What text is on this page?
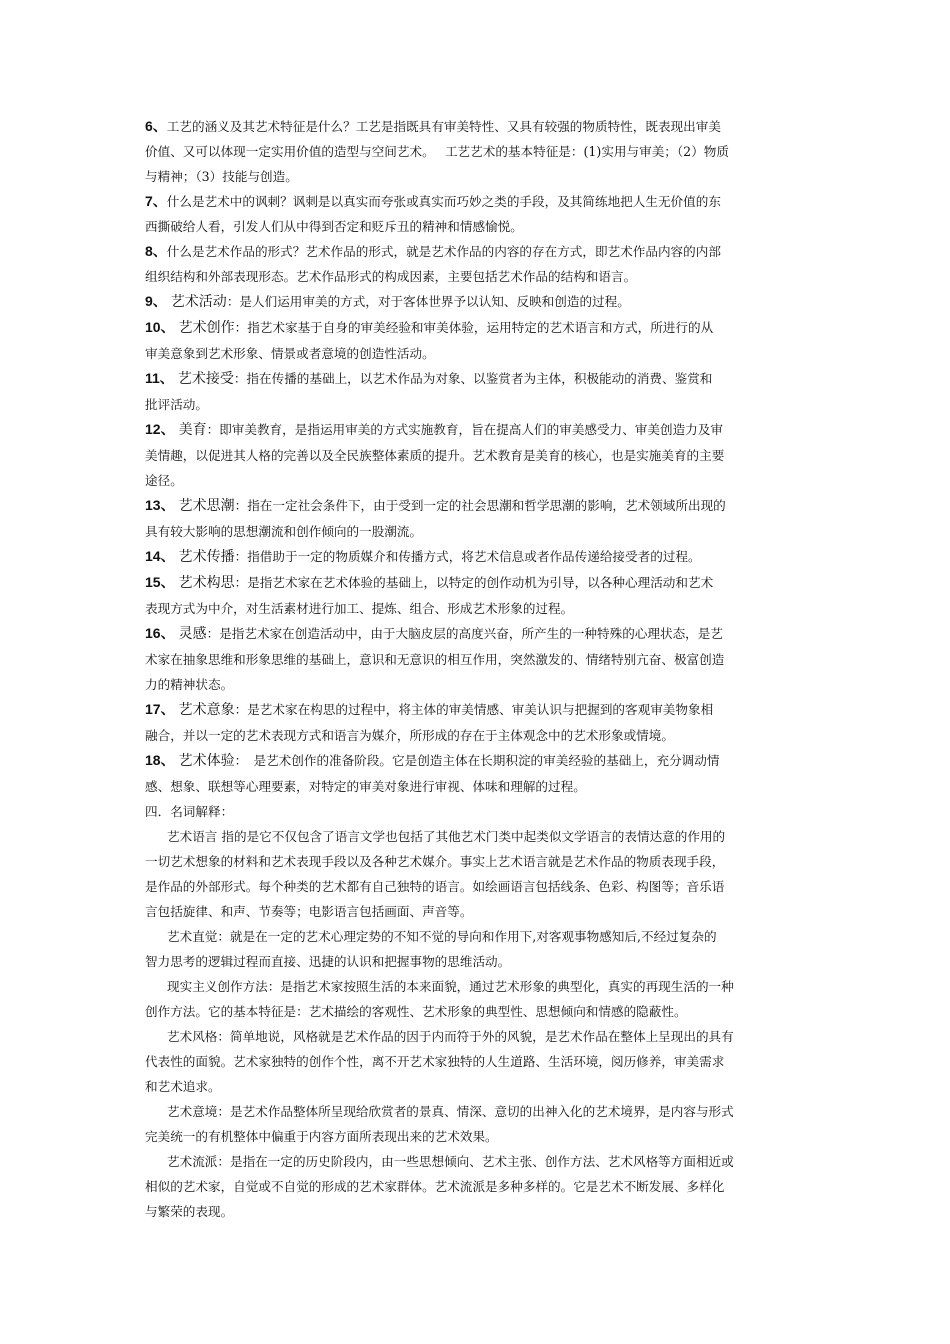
6、工艺的涵义及其艺术特征是什么？工艺是指既具有审美特性、又具有较强的物质特性，既表现出审美
价值、又可以体现一定实用价值的造型与空间艺术。　 工艺艺术的基本特征是：(1)实用与审美；（2）物质
与精神；（3）技能与创造。

7、什么是艺术中的讽刺？讽刺是以真实而夸张或真实而巧妙之类的手段，及其简练地把人生无价值的东
西撕破给人看，引发人们从中得到否定和贬斥丑的精神和情感愉悦。

8、什么是艺术作品的形式？艺术作品的形式，就是艺术作品的内容的存在方式，即艺术作品内容的内部
组织结构和外部表现形态。艺术作品形式的构成因素，主要包括艺术作品的结构和语言。

9、 艺术活动：是人们运用审美的方式，对于客体世界予以认知、反映和创造的过程。

10、 艺术创作：指艺术家基于自身的审美经验和审美体验，运用特定的艺术语言和方式，所进行的从
审美意象到艺术形象、情景或者意境的创造性活动。

11、 艺术接受：指在传播的基础上，以艺术作品为对象、以鉴赏者为主体，积极能动的消费、鉴赏和
批评活动。

12、 美育：即审美教育，是指运用审美的方式实施教育，旨在提高人们的审美感受力、审美创造力及审
美情趣，以促进其人格的完善以及全民族整体素质的提升。艺术教育是美育的核心，也是实施美育的主要
途径。

13、 艺术思潮：指在一定社会条件下，由于受到一定的社会思潮和哲学思潮的影响，艺术领域所出现的
具有较大影响的思想潮流和创作倾向的一股潮流。

14、 艺术传播：指借助于一定的物质媒介和传播方式，将艺术信息或者作品传递给接受者的过程。

15、 艺术构思：是指艺术家在艺术体验的基础上，以特定的创作动机为引导，以各种心理活动和艺术
表现方式为中介，对生活素材进行加工、提炼、组合、形成艺术形象的过程。

16、 灵感：是指艺术家在创造活动中，由于大脑皮层的高度兴奋，所产生的一种特殊的心理状态，是艺
术家在抽象思维和形象思维的基础上，意识和无意识的相互作用，突然激发的、情绪特别亢奋、极富创造
力的精神状态。

17、 艺术意象：是艺术家在构思的过程中，将主体的审美情感、审美认识与把握到的客观审美物象相
融合，并以一定的艺术表现方式和语言为媒介，所形成的存在于主体观念中的艺术形象或情境。

18、 艺术体验：　是艺术创作的准备阶段。它是创造主体在长期积淀的审美经验的基础上，充分调动情
感、想象、联想等心理要素，对特定的审美对象进行审视、体味和理解的过程。

四．名词解释：

艺术语言 指的是它不仅包含了语言文学也包括了其他艺术门类中起类似文学语言的表情达意的作用的
一切艺术想象的材料和艺术表现手段以及各种艺术媒介。事实上艺术语言就是艺术作品的物质表现手段，
是作品的外部形式。每个种类的艺术都有自己独特的语言。如绘画语言包括线条、色彩、构图等；音乐语
言包括旋律、和声、节奏等；电影语言包括画面、声音等。

艺术直觉：就是在一定的艺术心理定势的不知不觉的导向和作用下,对客观事物感知后,不经过复杂的
智力思考的逻辑过程而直接、迅捷的认识和把握事物的思维活动。

现实主义创作方法：是指艺术家按照生活的本来面貌，通过艺术形象的典型化，真实的再现生活的一种
创作方法。它的基本特征是：艺术描绘的客观性、艺术形象的典型性、思想倾向和情感的隐蔽性。

艺术风格：简单地说，风格就是艺术作品的因于内而符于外的风貌，是艺术作品在整体上呈现出的具有
代表性的面貌。艺术家独特的创作个性，离不开艺术家独特的人生道路、生活环境，阅历修养，审美需求
和艺术追求。

艺术意境：是艺术作品整体所呈现给欣赏者的景真、情深、意切的出神入化的艺术境界，是内容与形式
完美统一的有机整体中偏重于内容方面所表现出来的艺术效果。

艺术流派：是指在一定的历史阶段内，由一些思想倾向、艺术主张、创作方法、艺术风格等方面相近或
相似的艺术家，自觉或不自觉的形成的艺术家群体。艺术流派是多种多样的。它是艺术不断发展、多样化
与繁荣的表现。
